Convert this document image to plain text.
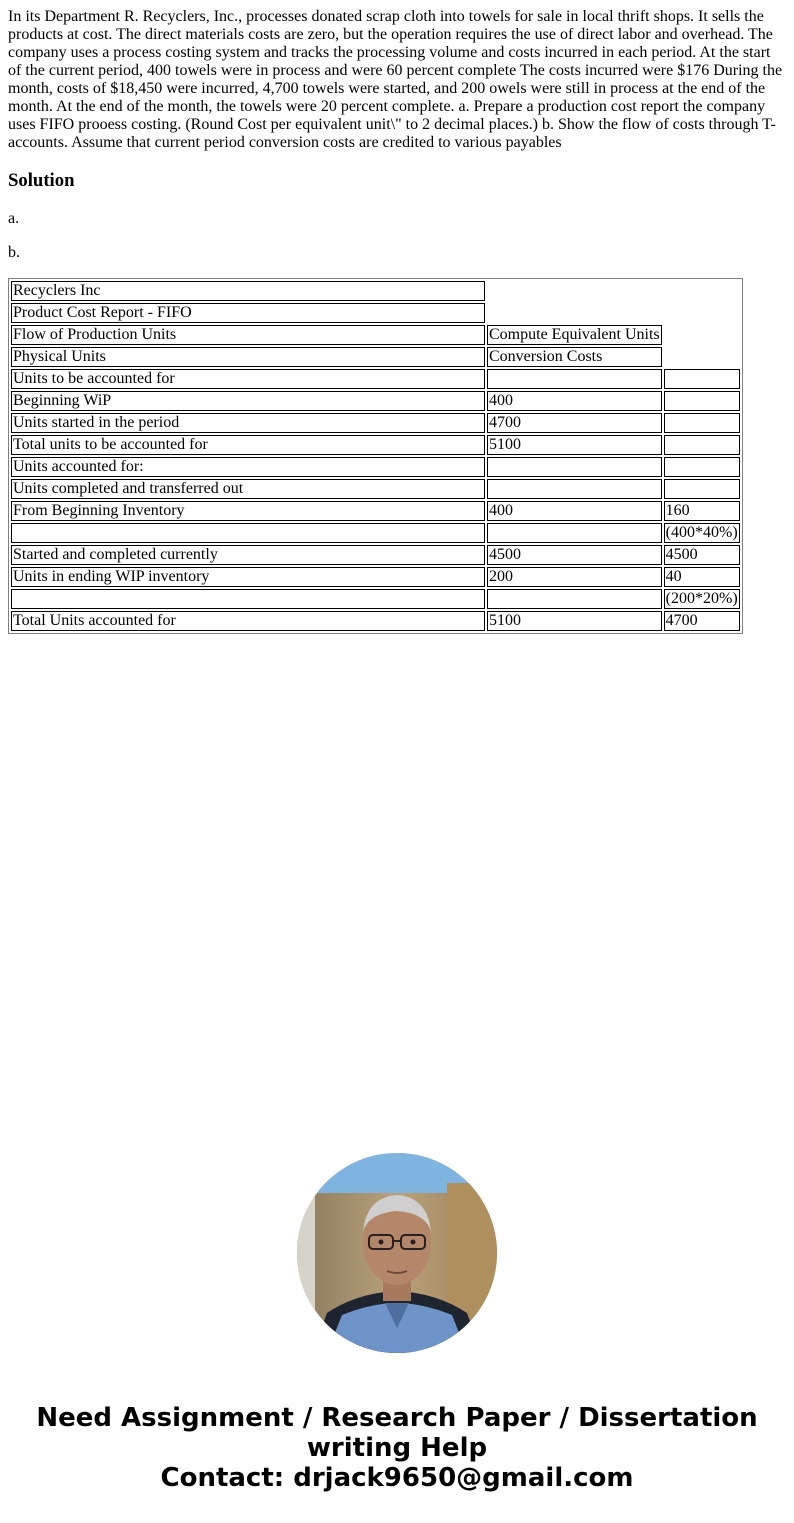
In its Department R. Recyclers, Inc., processes donated scrap cloth into towels for sale in local thrift shops. It sells the products at cost. The direct materials costs are zero, but the operation requires the use of direct labor and overhead. The company uses a process costing system and tracks the processing volume and costs incurred in each period. At the start of the current period, 400 towels were in process and were 60 percent complete The costs incurred were $176 During the month, costs of $18,450 were incurred, 4,700 towels were started, and 200 owels were still in process at the end of the month. At the end of the month, the towels were 20 percent complete. a. Prepare a production cost report the company uses FIFO prooess costing. (Round Cost per equivalent unit\" to 2 decimal places.) b. Show the flow of costs through T-accounts. Assume that current period conversion costs are credited to various payables

Solution

a.

b.

Recyclers Inc		
Product Cost Report - FIFO		
Flow of Production Units	Compute Equivalent Units	
Physical Units	Conversion Costs	
Units to be accounted for		
Beginning WiP	400	
Units started in the period	4700	
Total units to be accounted for	5100	
Units accounted for:		
Units completed and transferred out		
From Beginning Inventory	400	160
		(400*40%)
Started and completed currently	4500	4500
Units in ending WIP inventory	200	40
		(200*20%)
Total Units accounted for	5100	4700
Need Assignment / Research Paper / Dissertation
writing Help
Contact: drjack9650@gmail.com
